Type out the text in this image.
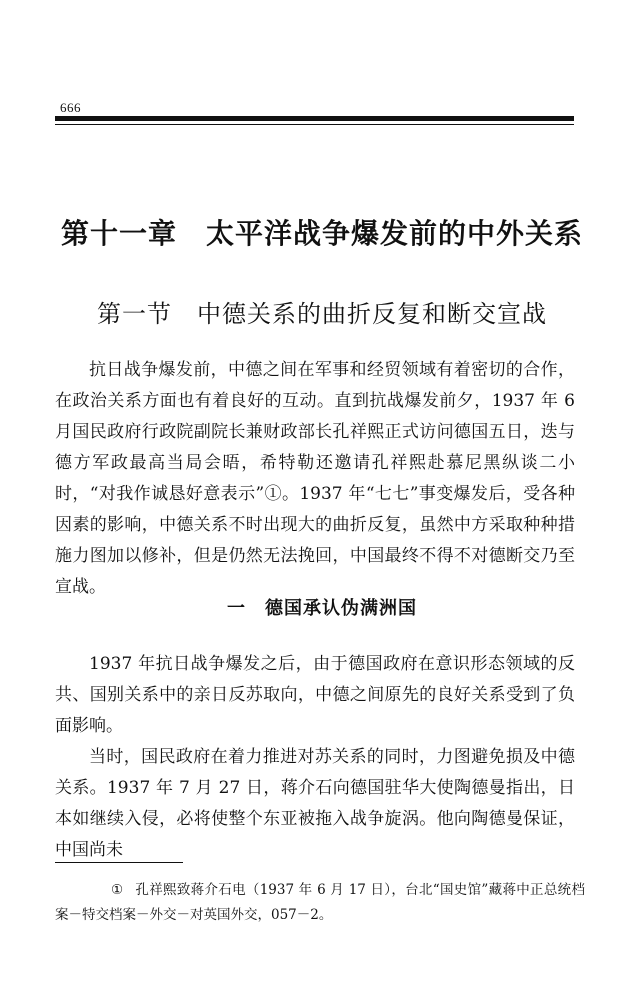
666
第十一章　太平洋战争爆发前的中外关系
第一节　中德关系的曲折反复和断交宣战

抗日战争爆发前，中德之间在军事和经贸领域有着密切的合作，在政治关系方面也有着良好的互动。直到抗战爆发前夕，1937 年 6 月国民政府行政院副院长兼财政部长孔祥熙正式访问德国五日，迭与德方军政最高当局会晤，希特勒还邀请孔祥熙赴慕尼黑纵谈二小时，“对我作诚恳好意表示”①。1937 年“七七”事变爆发后，受各种因素的影响，中德关系不时出现大的曲折反复，虽然中方采取种种措施力图加以修补，但是仍然无法挽回，中国最终不得不对德断交乃至宣战。

一　德国承认伪满洲国

1937 年抗日战争爆发之后，由于德国政府在意识形态领域的反共、国别关系中的亲日反苏取向，中德之间原先的良好关系受到了负面影响。

当时，国民政府在着力推进对苏关系的同时，力图避免损及中德关系。1937 年 7 月 27 日，蒋介石向德国驻华大使陶德曼指出，日本如继续入侵，必将使整个东亚被拖入战争旋涡。他向陶德曼保证，中国尚未

① 孔祥熙致蒋介石电（1937 年 6 月 17 日），台北“国史馆”藏蒋中正总统档案－特交档案－外交－对英国外交，057－2。
